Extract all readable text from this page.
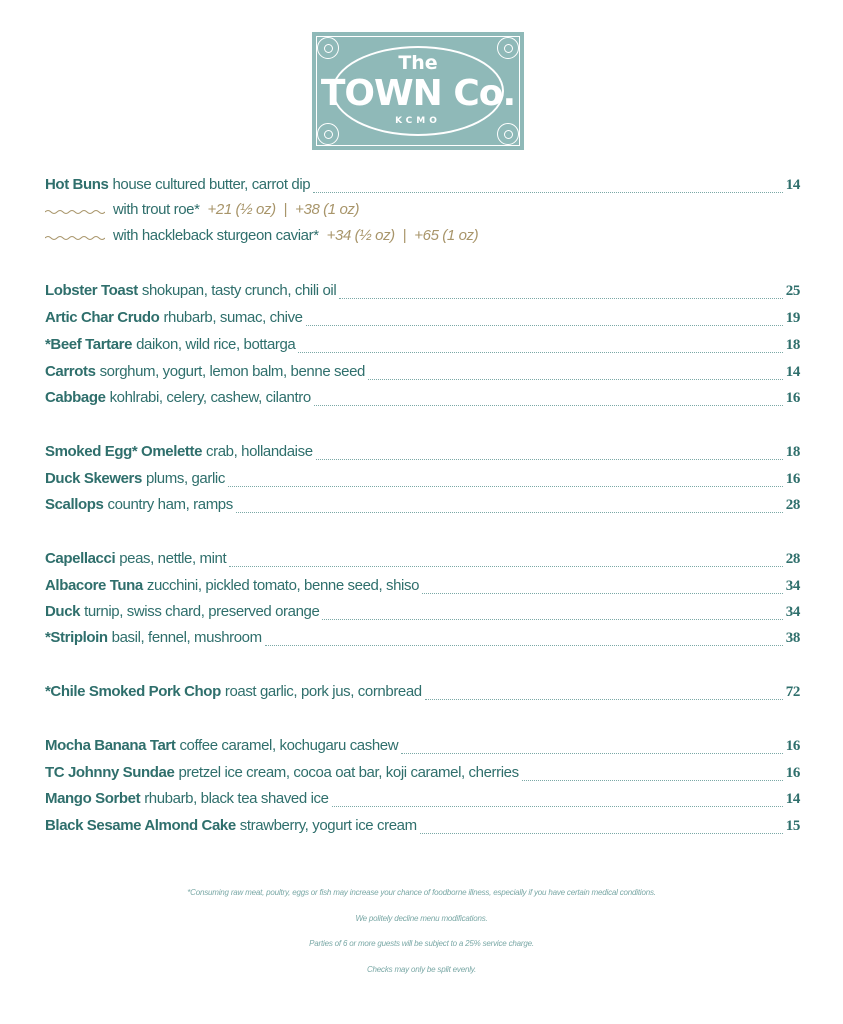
The
TOWN Co.
KCMO
Hot Buns house cultured butter, carrot dip	14
with trout roe* +21 (½ oz) | +38 (1 oz)
with hackleback sturgeon caviar* +34 (½ oz) | +65 (1 oz)
Lobster Toast shokupan, tasty crunch, chili oil	25
Artic Char Crudo rhubarb, sumac, chive	19
*Beef Tartare daikon, wild rice, bottarga	18
Carrots sorghum, yogurt, lemon balm, benne seed	14
Cabbage kohlrabi, celery, cashew, cilantro	16
Smoked Egg* Omelette crab, hollandaise	18
Duck Skewers plums, garlic	16
Scallops country ham, ramps	28
Capellacci peas, nettle, mint	28
Albacore Tuna zucchini, pickled tomato, benne seed, shiso	34
Duck turnip, swiss chard, preserved orange	34
*Striploin basil, fennel, mushroom	38
*Chile Smoked Pork Chop roast garlic, pork jus, cornbread	72
Mocha Banana Tart coffee caramel, kochugaru cashew	16
TC Johnny Sundae pretzel ice cream, cocoa oat bar, koji caramel, cherries	16
Mango Sorbet rhubarb, black tea shaved ice	14
Black Sesame Almond Cake strawberry, yogurt ice cream	15
*Consuming raw meat, poultry, eggs or fish may increase your chance of foodborne illness, especially if you have certain medical conditions.
We politely decline menu modifications.
Parties of 6 or more guests will be subject to a 25% service charge.
Checks may only be split evenly.
